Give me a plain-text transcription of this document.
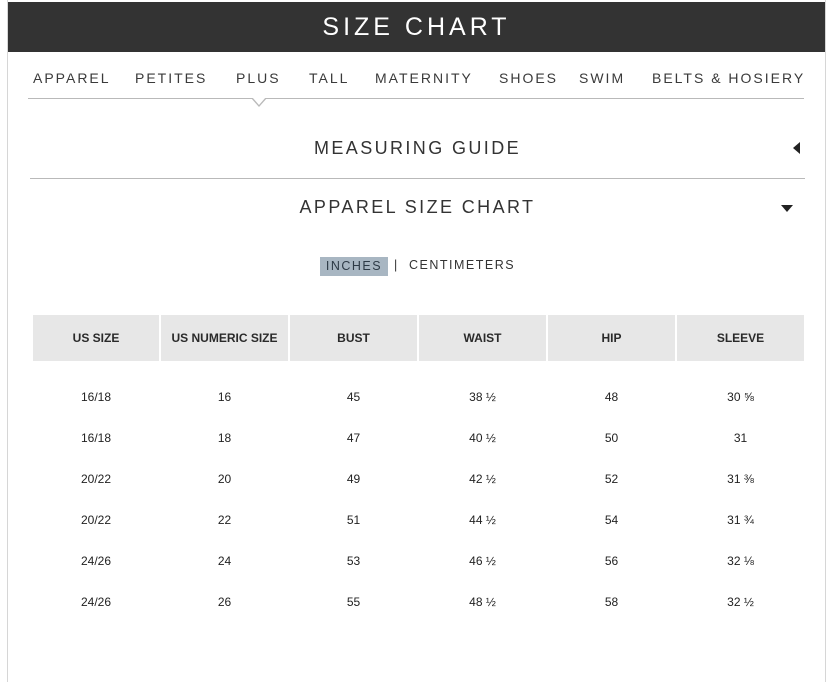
SIZE CHART
APPAREL PETITES PLUS TALL MATERNITY SHOES SWIM BELTS & HOSIERY
MEASURING GUIDE
APPAREL SIZE CHART
INCHES | CENTIMETERS
US SIZE	US NUMERIC SIZE	BUST	WAIST	HIP	SLEEVE
16/18	16	45	38 ½	48	30 ⅝
16/18	18	47	40 ½	50	31
20/22	20	49	42 ½	52	31 ⅜
20/22	22	51	44 ½	54	31 ¾
24/26	24	53	46 ½	56	32 ⅛
24/26	26	55	48 ½	58	32 ½
